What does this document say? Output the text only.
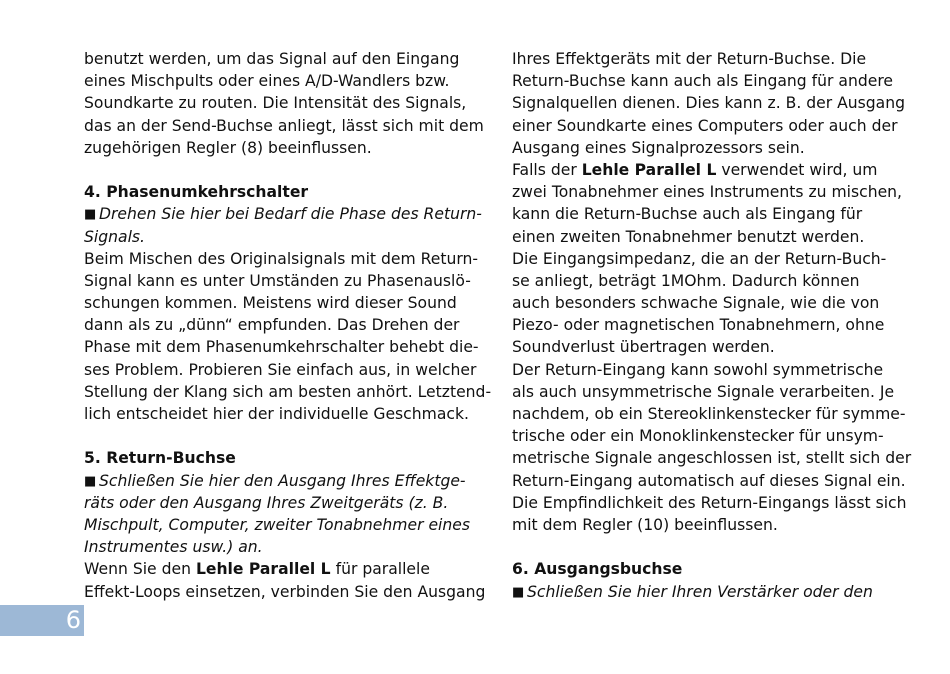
benutzt werden, um das Signal auf den Eingang
eines Mischpults oder eines A/D-Wandlers bzw.
Soundkarte zu routen. Die Intensität des Signals,
das an der Send-Buchse anliegt, lässt sich mit dem
zugehörigen Regler (8) beeinflussen.
4. Phasenumkehrschalter
■ Drehen Sie hier bei Bedarf die Phase des Return-
Signals.
Beim Mischen des Originalsignals mit dem Return-
Signal kann es unter Umständen zu Phasenauslö-
schungen kommen. Meistens wird dieser Sound
dann als zu „dünn“ empfunden. Das Drehen der
Phase mit dem Phasenumkehrschalter behebt die-
ses Problem. Probieren Sie einfach aus, in welcher
Stellung der Klang sich am besten anhört. Letztend-
lich entscheidet hier der individuelle Geschmack.
5. Return-Buchse
■ Schließen Sie hier den Ausgang Ihres Effektge-
räts oder den Ausgang Ihres Zweitgeräts (z. B.
Mischpult, Computer, zweiter Tonabnehmer eines
Instrumentes usw.) an.
Wenn Sie den Lehle Parallel L für parallele
Effekt-Loops einsetzen, verbinden Sie den Ausgang
Ihres Effektgeräts mit der Return-Buchse. Die
Return-Buchse kann auch als Eingang für andere
Signalquellen dienen. Dies kann z. B. der Ausgang
einer Soundkarte eines Computers oder auch der
Ausgang eines Signalprozessors sein.
Falls der Lehle Parallel L verwendet wird, um
zwei Tonabnehmer eines Instruments zu mischen,
kann die Return-Buchse auch als Eingang für
einen zweiten Tonabnehmer benutzt werden.
Die Eingangsimpedanz, die an der Return-Buch-
se anliegt, beträgt 1MOhm. Dadurch können
auch besonders schwache Signale, wie die von
Piezo- oder magnetischen Tonabnehmern, ohne
Soundverlust übertragen werden.
Der Return-Eingang kann sowohl symmetrische
als auch unsymmetrische Signale verarbeiten. Je
nachdem, ob ein Stereoklinkenstecker für symme-
trische oder ein Monoklinkenstecker für unsym-
metrische Signale angeschlossen ist, stellt sich der
Return-Eingang automatisch auf dieses Signal ein.
Die Empfindlichkeit des Return-Eingangs lässt sich
mit dem Regler (10) beeinflussen.
6. Ausgangsbuchse
■ Schließen Sie hier Ihren Verstärker oder den
6
